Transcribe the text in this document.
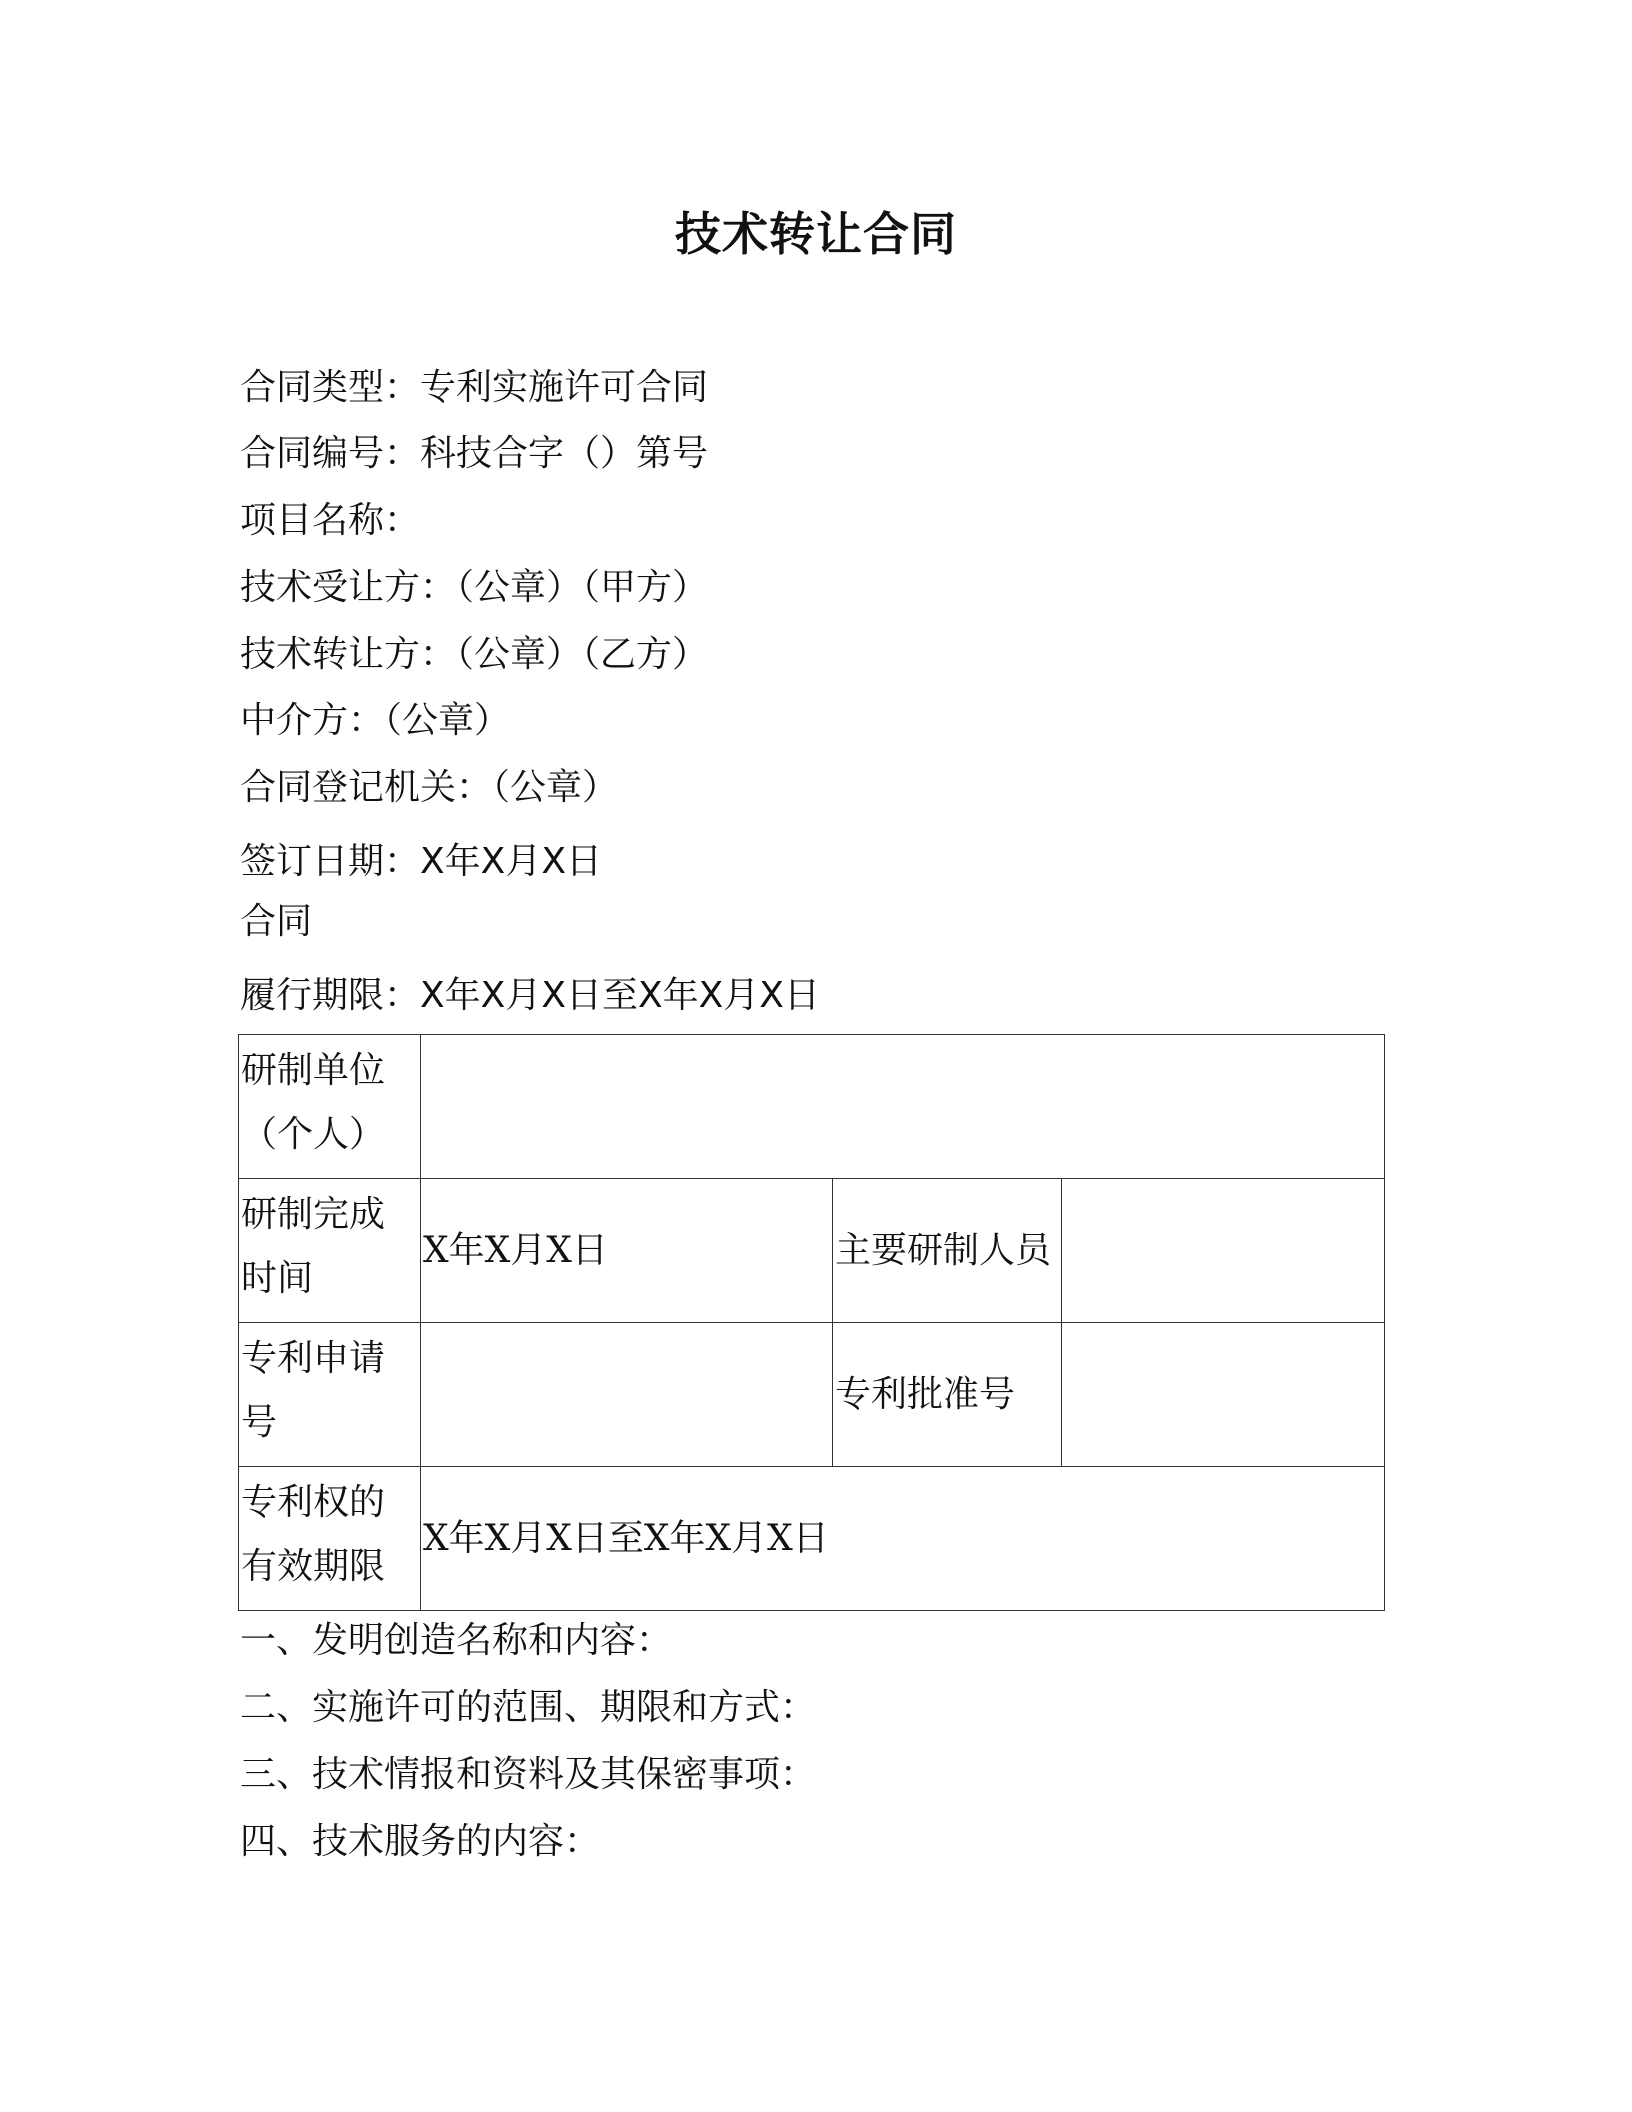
技术转让合同
合同类型：专利实施许可合同
合同编号：科技合字（）第号
项目名称：
技术受让方：（公章）（甲方）
技术转让方：（公章）（乙方）
中介方：（公章）
合同登记机关：（公章）
签订日期：X年X月X日
合同
履行期限：X年X月X日至X年X月X日
研制单位（个人）			
研制完成时间	X年X月X日	主要研制人员	
专利申请号		专利批准号	
专利权的有效期限	X年X月X日至X年X月X日		
一、发明创造名称和内容：
二、实施许可的范围、期限和方式：
三、技术情报和资料及其保密事项：
四、技术服务的内容：
